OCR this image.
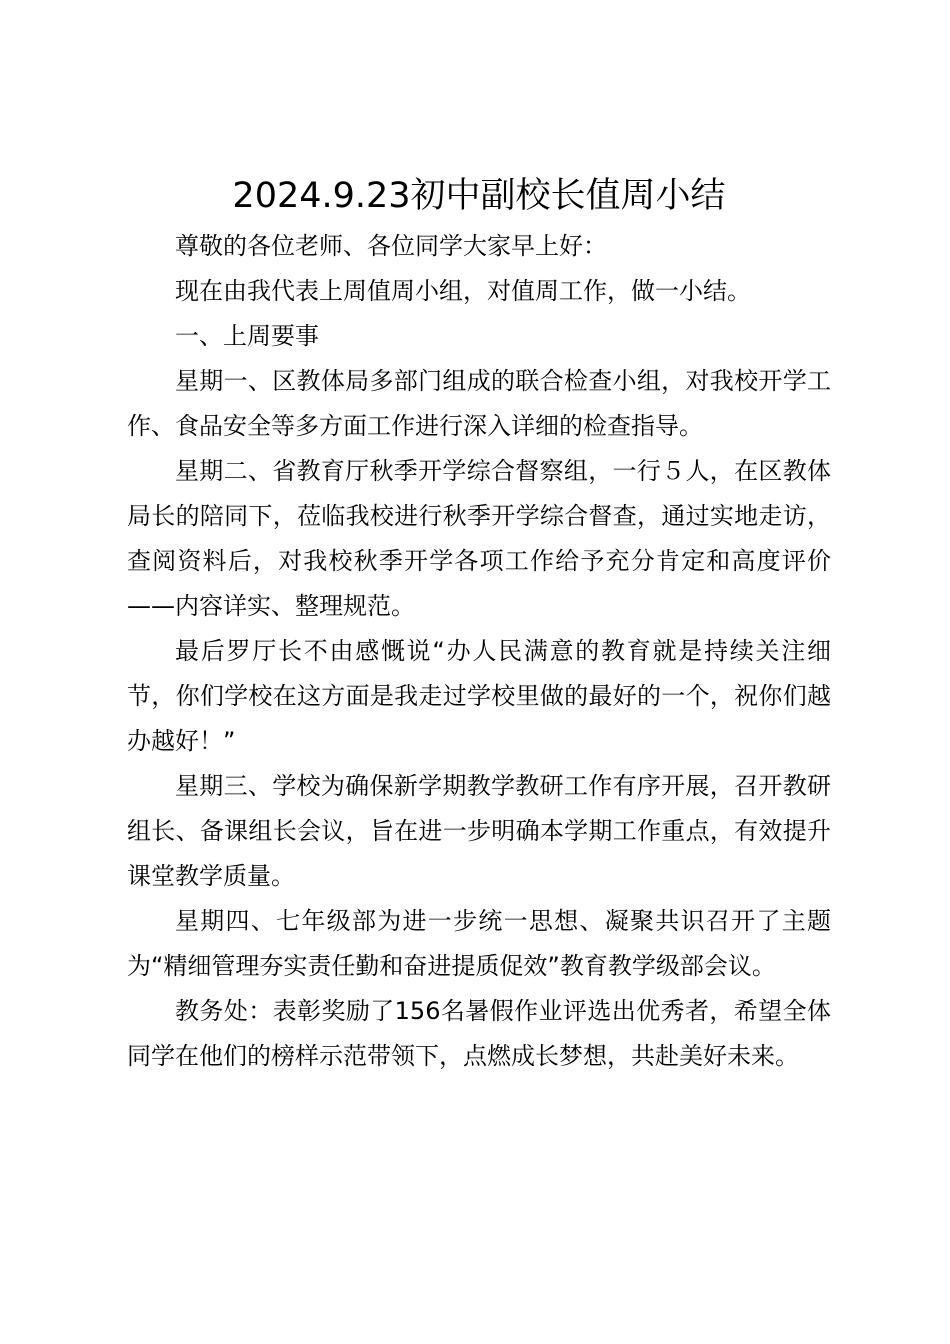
2024.9.23初中副校长值周小结

尊敬的各位老师、各位同学大家早上好：

现在由我代表上周值周小组，对值周工作，做一小结。

一、上周要事

星期一、区教体局多部门组成的联合检查小组，对我校开学工作、食品安全等多方面工作进行深入详细的检查指导。

星期二、省教育厅秋季开学综合督察组，一行５人，在区教体局长的陪同下，莅临我校进行秋季开学综合督查，通过实地走访，查阅资料后，对我校秋季开学各项工作给予充分肯定和高度评价——内容详实、整理规范。

最后罗厅长不由感慨说“办人民满意的教育就是持续关注细节，你们学校在这方面是我走过学校里做的最好的一个，祝你们越办越好！”

星期三、学校为确保新学期教学教研工作有序开展，召开教研组长、备课组长会议，旨在进一步明确本学期工作重点，有效提升课堂教学质量。

星期四、七年级部为进一步统一思想、凝聚共识召开了主题为“精细管理夯实责任勤和奋进提质促效”教育教学级部会议。

教务处：表彰奖励了156名暑假作业评选出优秀者，希望全体同学在他们的榜样示范带领下，点燃成长梦想，共赴美好未来。
